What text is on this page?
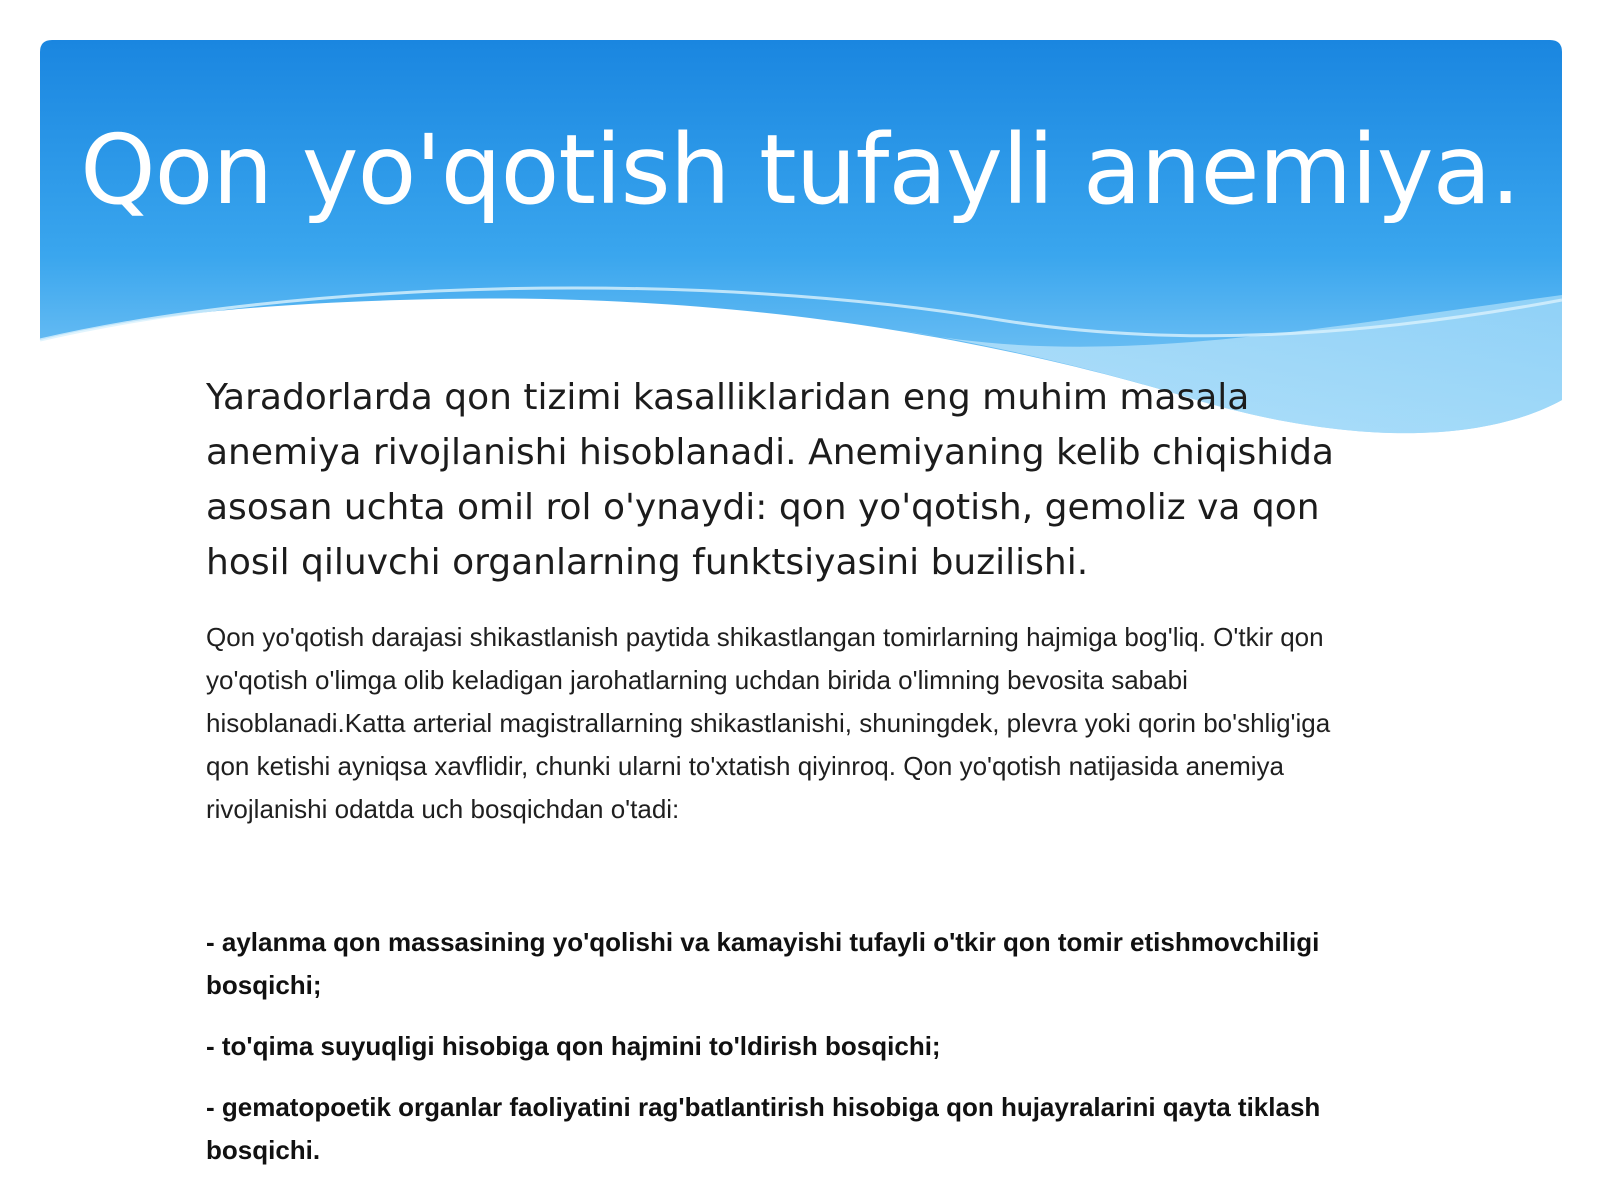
Qon yo'qotish tufayli anemiya.

Yaradorlarda qon tizimi kasalliklaridan eng muhim masala anemiya rivojlanishi hisoblanadi. Anemiyaning kelib chiqishida asosan uchta omil rol o'ynaydi: qon yo'qotish, gemoliz va qon hosil qiluvchi organlarning funktsiyasini buzilishi.

Qon yo'qotish darajasi shikastlanish paytida shikastlangan tomirlarning hajmiga bog'liq. O'tkir qon yo'qotish o'limga olib keladigan jarohatlarning uchdan birida o'limning bevosita sababi hisoblanadi.Katta arterial magistrallarning shikastlanishi, shuningdek, plevra yoki qorin bo'shlig'iga qon ketishi ayniqsa xavflidir, chunki ularni to'xtatish qiyinroq. Qon yo'qotish natijasida anemiya rivojlanishi odatda uch bosqichdan o'tadi:

- aylanma qon massasining yo'qolishi va kamayishi tufayli o'tkir qon tomir etishmovchiligi bosqichi;

- to'qima suyuqligi hisobiga qon hajmini to'ldirish bosqichi;

- gematopoetik organlar faoliyatini rag'batlantirish hisobiga qon hujayralarini qayta tiklash bosqichi.
